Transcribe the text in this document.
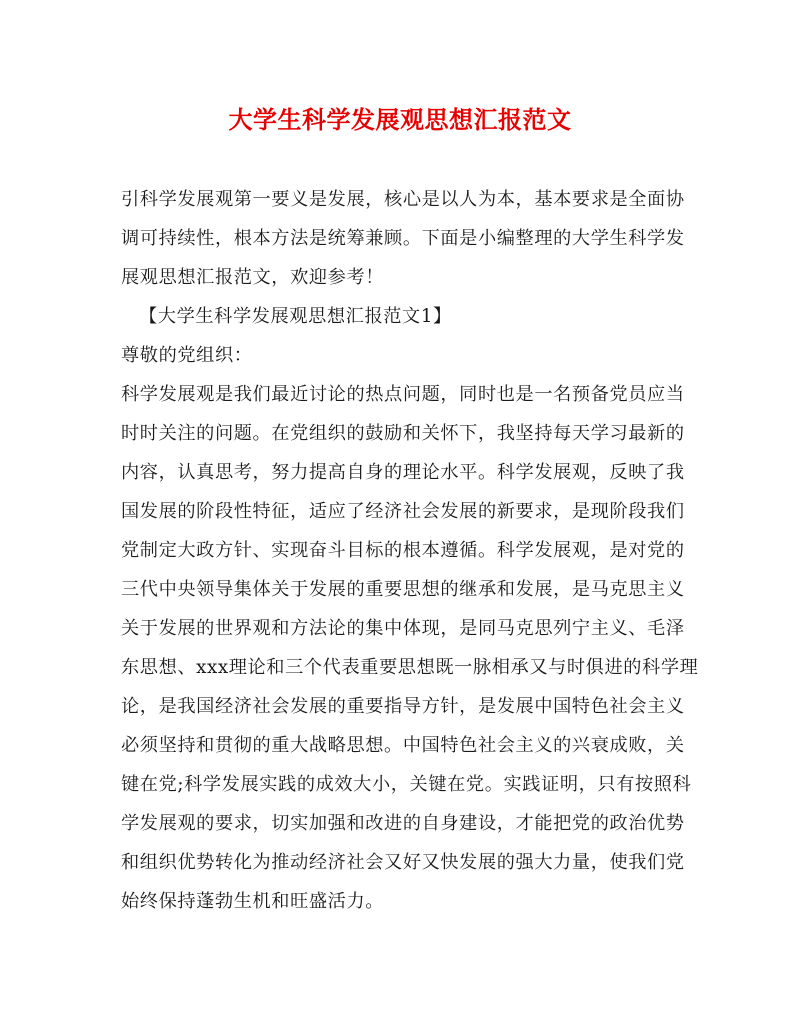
大学生科学发展观思想汇报范文
引科学发展观第一要义是发展，核心是以人为本，基本要求是全面协
调可持续性，根本方法是统筹兼顾。下面是小编整理的大学生科学发
展观思想汇报范文，欢迎参考！
【大学生科学发展观思想汇报范文1】
尊敬的党组织：
科学发展观是我们最近讨论的热点问题，同时也是一名预备党员应当
时时关注的问题。在党组织的鼓励和关怀下，我坚持每天学习最新的
内容，认真思考，努力提高自身的理论水平。科学发展观，反映了我
国发展的阶段性特征，适应了经济社会发展的新要求，是现阶段我们
党制定大政方针、实现奋斗目标的根本遵循。科学发展观，是对党的
三代中央领导集体关于发展的重要思想的继承和发展，是马克思主义
关于发展的世界观和方法论的集中体现，是同马克思列宁主义、毛泽
东思想、xxx理论和三个代表重要思想既一脉相承又与时俱进的科学理
论，是我国经济社会发展的重要指导方针，是发展中国特色社会主义
必须坚持和贯彻的重大战略思想。中国特色社会主义的兴衰成败，关
键在党;科学发展实践的成效大小，关键在党。实践证明，只有按照科
学发展观的要求，切实加强和改进的自身建设，才能把党的政治优势
和组织优势转化为推动经济社会又好又快发展的强大力量，使我们党
始终保持蓬勃生机和旺盛活力。
